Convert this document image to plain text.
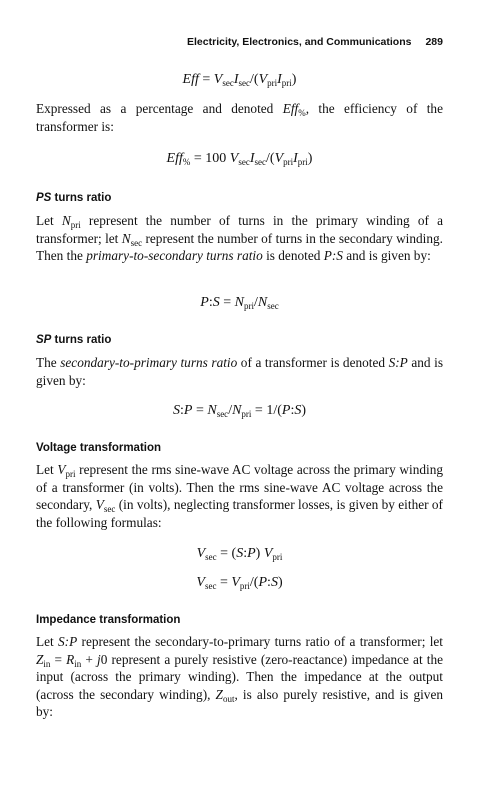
Electricity, Electronics, and Communications 289
Eff = $V_{sec}I_{sec}/(V_{pri}I_{pri})$

Expressed as a percentage and denoted Eff$_{\%}$, the efficiency of the transformer is:

Eff$_{\%}$ = 100 $V_{sec}I_{sec}/(V_{pri}I_{pri})$
PS turns ratio

Let $N_{pri}$ represent the number of turns in the primary winding of a transformer; let $N_{sec}$ represent the number of turns in the secondary winding. Then the primary-to-secondary turns ratio is denoted P:S and is given by:

P:S = $N_{pri}/N_{sec}$
SP turns ratio

The secondary-to-primary turns ratio of a transformer is denoted S:P and is given by:

S:P = $N_{sec}/N_{pri}$ = 1/(P:S)
Voltage transformation

Let $V_{pri}$ represent the rms sine-wave AC voltage across the primary winding of a transformer (in volts). Then the rms sine-wave AC voltage across the secondary, $V_{sec}$ (in volts), neglecting transformer losses, is given by either of the following formulas:

$V_{sec}$ = (S:P) $V_{pri}$
$V_{sec}$ = $V_{pri}/(P:S)$
Impedance transformation

Let S:P represent the secondary-to-primary turns ratio of a transformer; let $Z_{in} = R_{in} + j0$ represent a purely resistive (zero-reactance) impedance at the input (across the primary winding). Then the impedance at the output (across the secondary winding), $Z_{out}$, is also purely resistive, and is given by:
